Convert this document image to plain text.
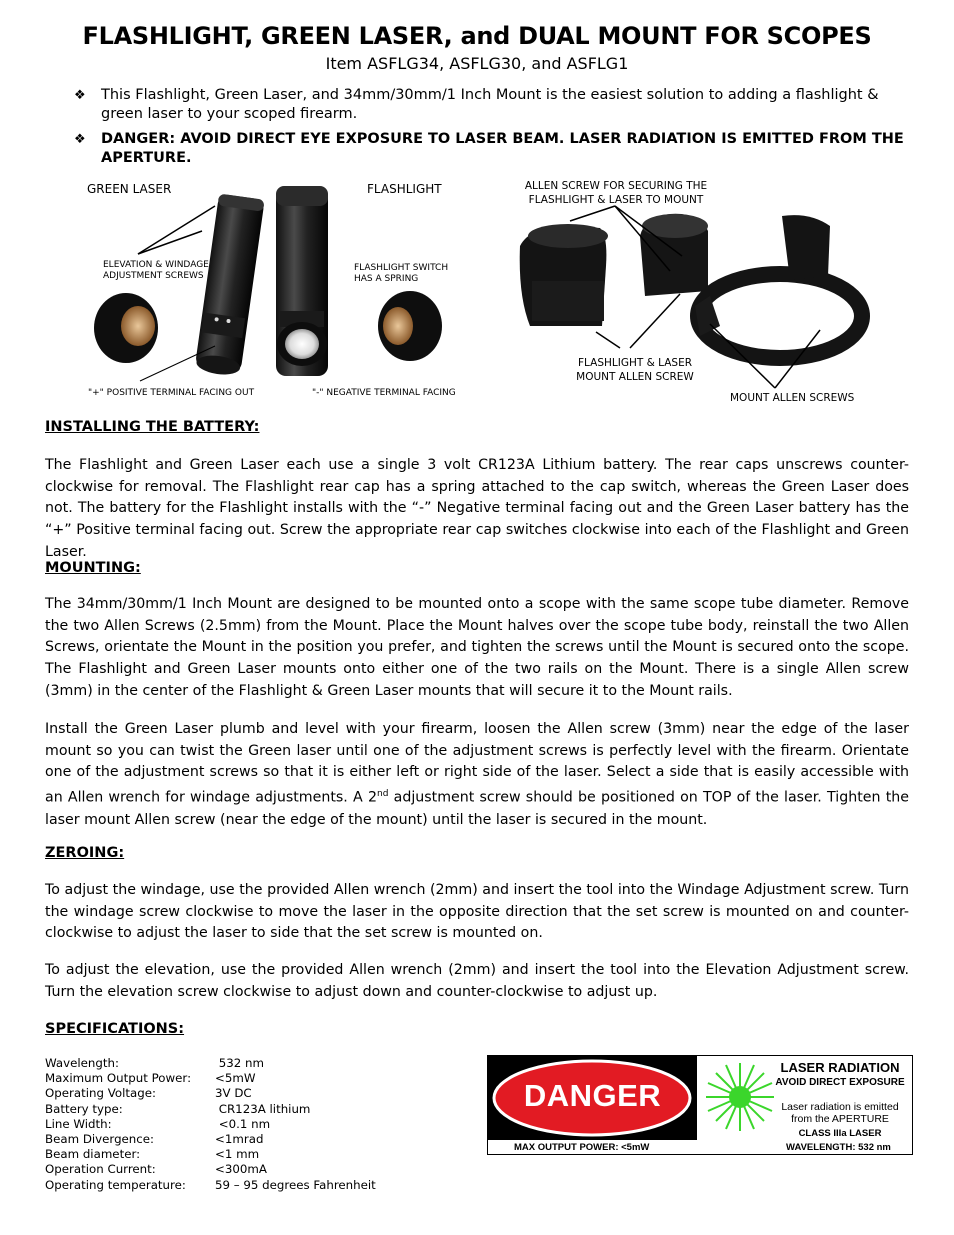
FLASHLIGHT, GREEN LASER, and DUAL MOUNT FOR SCOPES
Item ASFLG34, ASFLG30, and ASFLG1
❖ This Flashlight, Green Laser, and 34mm/30mm/1 Inch Mount is the easiest solution to adding a flashlight & green laser to your scoped firearm.
❖ DANGER: AVOID DIRECT EYE EXPOSURE TO LASER BEAM. LASER RADIATION IS EMITTED FROM THE APERTURE.
GREEN LASER	FLASHLIGHT
ELEVATION & WINDAGE ADJUSTMENT SCREWS
FLASHLIGHT SWITCH HAS A SPRING
"+" POSITIVE TERMINAL FACING OUT	"-" NEGATIVE TERMINAL FACING
ALLEN SCREW FOR SECURING THE FLASHLIGHT & LASER TO MOUNT
FLASHLIGHT & LASER MOUNT ALLEN SCREW
MOUNT ALLEN SCREWS
INSTALLING THE BATTERY:
The Flashlight and Green Laser each use a single 3 volt CR123A Lithium battery. The rear caps unscrews counter-clockwise for removal. The Flashlight rear cap has a spring attached to the cap switch, whereas the Green Laser does not. The battery for the Flashlight installs with the “-” Negative terminal facing out and the Green Laser battery has the “+” Positive terminal facing out. Screw the appropriate rear cap switches clockwise into each of the Flashlight and Green Laser.
MOUNTING:
The 34mm/30mm/1 Inch Mount are designed to be mounted onto a scope with the same scope tube diameter. Remove the two Allen Screws (2.5mm) from the Mount. Place the Mount halves over the scope tube body, reinstall the two Allen Screws, orientate the Mount in the position you prefer, and tighten the screws until the Mount is secured onto the scope. The Flashlight and Green Laser mounts onto either one of the two rails on the Mount. There is a single Allen screw (3mm) in the center of the Flashlight & Green Laser mounts that will secure it to the Mount rails.
Install the Green Laser plumb and level with your firearm, loosen the Allen screw (3mm) near the edge of the laser mount so you can twist the Green laser until one of the adjustment screws is perfectly level with the firearm. Orientate one of the adjustment screws so that it is either left or right side of the laser. Select a side that is easily accessible with an Allen wrench for windage adjustments. A 2nd adjustment screw should be positioned on TOP of the laser. Tighten the laser mount Allen screw (near the edge of the mount) until the laser is secured in the mount.
ZEROING:
To adjust the windage, use the provided Allen wrench (2mm) and insert the tool into the Windage Adjustment screw. Turn the windage screw clockwise to move the laser in the opposite direction that the set screw is mounted on and counter-clockwise to adjust the laser to side that the set screw is mounted on.
To adjust the elevation, use the provided Allen wrench (2mm) and insert the tool into the Elevation Adjustment screw. Turn the elevation screw clockwise to adjust down and counter-clockwise to adjust up.
SPECIFICATIONS:
Wavelength:	532 nm
Maximum Output Power:	<5mW
Operating Voltage:	3V DC
Battery type:	CR123A lithium
Line Width:	<0.1 nm
Beam Divergence:	<1mrad
Beam diameter:	<1 mm
Operation Current:	<300mA
Operating temperature:	59 – 95 degrees Fahrenheit
DANGER
LASER RADIATION
AVOID DIRECT EXPOSURE
Laser radiation is emitted
from the APERTURE
CLASS IIIa LASER
MAX OUTPUT POWER: <5mW	WAVELENGTH: 532 nm
